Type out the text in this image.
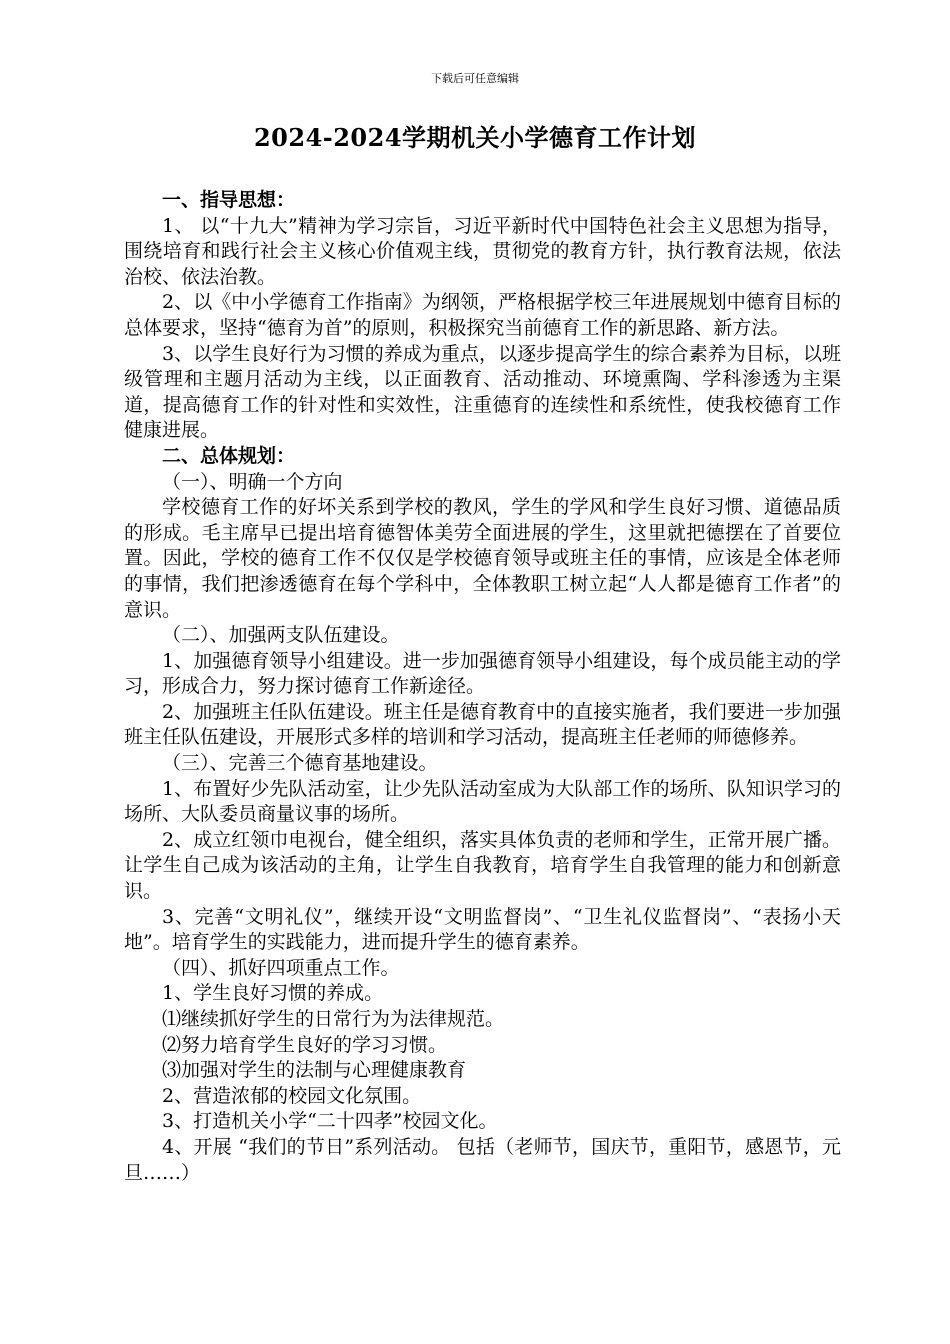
下载后可任意编辑
2024-2024学期机关小学德育工作计划

一、指导思想：

1、 以“十九大”精神为学习宗旨，习近平新时代中国特色社会主义思想为指导，围绕培育和践行社会主义核心价值观主线，贯彻党的教育方针，执行教育法规，依法治校、依法治教。

2、以《中小学德育工作指南》为纲领，严格根据学校三年进展规划中德育目标的总体要求，坚持“德育为首”的原则，积极探究当前德育工作的新思路、新方法。

3、以学生良好行为习惯的养成为重点，以逐步提高学生的综合素养为目标，以班级管理和主题月活动为主线，以正面教育、活动推动、环境熏陶、学科渗透为主渠道，提高德育工作的针对性和实效性，注重德育的连续性和系统性，使我校德育工作健康进展。

二、总体规划：

（一）、明确一个方向

学校德育工作的好坏关系到学校的教风，学生的学风和学生良好习惯、道德品质的形成。毛主席早已提出培育德智体美劳全面进展的学生，这里就把德摆在了首要位置。因此，学校的德育工作不仅仅是学校德育领导或班主任的事情，应该是全体老师的事情，我们把渗透德育在每个学科中，全体教职工树立起“人人都是德育工作者”的意识。

（二）、加强两支队伍建设。

1、加强德育领导小组建设。进一步加强德育领导小组建设，每个成员能主动的学习，形成合力，努力探讨德育工作新途径。

2、加强班主任队伍建设。班主任是德育教育中的直接实施者，我们要进一步加强班主任队伍建设，开展形式多样的培训和学习活动，提高班主任老师的师德修养。

（三）、完善三个德育基地建设。

1、布置好少先队活动室，让少先队活动室成为大队部工作的场所、队知识学习的场所、大队委员商量议事的场所。

2、成立红领巾电视台，健全组织，落实具体负责的老师和学生，正常开展广播。让学生自己成为该活动的主角，让学生自我教育，培育学生自我管理的能力和创新意识。

3、完善“文明礼仪”，继续开设“文明监督岗”、“卫生礼仪监督岗”、“表扬小天地”。培育学生的实践能力，进而提升学生的德育素养。

（四）、抓好四项重点工作。

1、学生良好习惯的养成。

⑴继续抓好学生的日常行为为法律规范。

⑵努力培育学生良好的学习习惯。

⑶加强对学生的法制与心理健康教育

2、营造浓郁的校园文化氛围。

3、打造机关小学“二十四孝”校园文化。

4、开展 “我们的节日”系列活动。 包括（老师节，国庆节，重阳节，感恩节，元旦……）
